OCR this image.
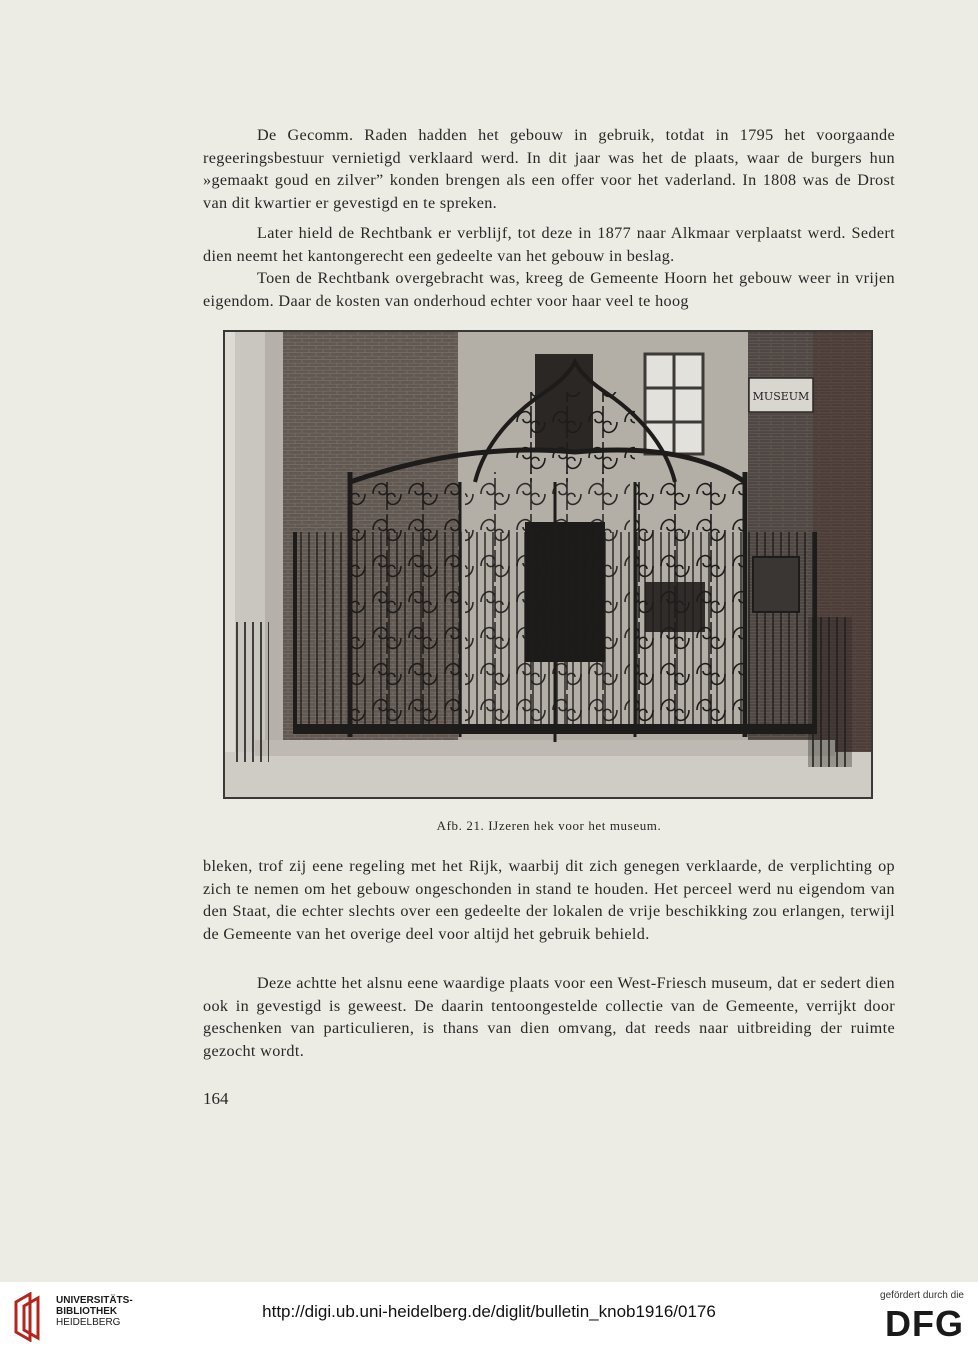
De Gecomm. Raden hadden het gebouw in gebruik, totdat in 1795 het voorgaande regeeringsbestuur vernietigd verklaard werd. In dit jaar was het de plaats, waar de burgers hun »gemaakt goud en zilver” konden brengen als een offer voor het vaderland. In 1808 was de Drost van dit kwartier er gevestigd en te spreken.

Later hield de Rechtbank er verblijf, tot deze in 1877 naar Alkmaar verplaatst werd. Sedert dien neemt het kantongerecht een gedeelte van het gebouw in beslag.

Toen de Rechtbank overgebracht was, kreeg de Gemeente Hoorn het gebouw weer in vrijen eigendom. Daar de kosten van onderhoud echter voor haar veel te hoog

MUSEUM
Afb. 21. IJzeren hek voor het museum.

bleken, trof zij eene regeling met het Rijk, waarbij dit zich genegen verklaarde, de verplichting op zich te nemen om het gebouw ongeschonden in stand te houden. Het perceel werd nu eigendom van den Staat, die echter slechts over een gedeelte der lokalen de vrije beschikking zou erlangen, terwijl de Gemeente van het overige deel voor altijd het gebruik behield.

Deze achtte het alsnu eene waardige plaats voor een West-Friesch museum, dat er sedert dien ook in gevestigd is geweest. De daarin tentoongestelde collectie van de Gemeente, verrijkt door geschenken van particulieren, is thans van dien omvang, dat reeds naar uitbreiding der ruimte gezocht wordt.

164
UNIVERSITÄTS-
BIBLIOTHEK
HEIDELBERG
http://digi.ub.uni-heidelberg.de/diglit/bulletin_knob1916/0176
gefördert durch die
DFG
